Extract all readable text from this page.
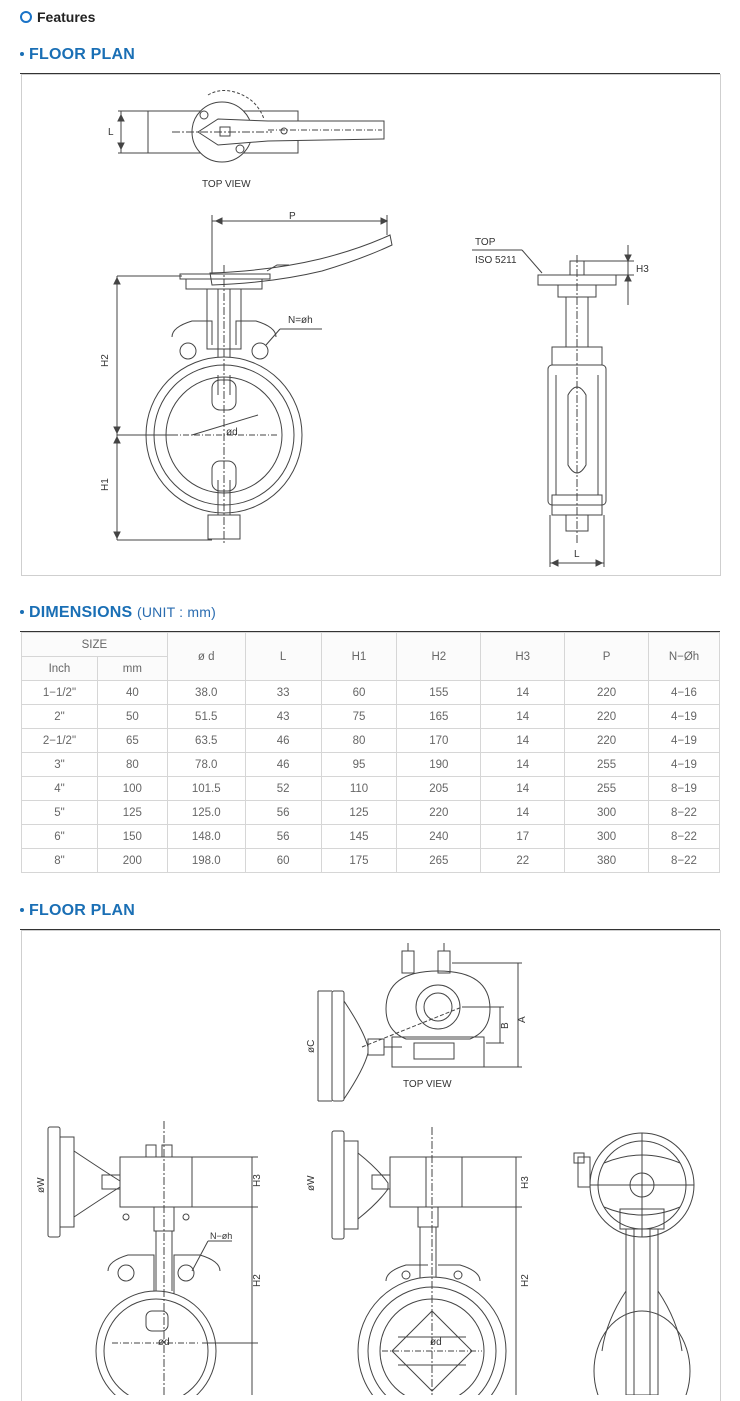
Features
FLOOR PLAN
TOP VIEW
L
P
H2
H1
N=øh
ød
TOP
ISO 5211
H3
L
DIMENSIONS (UNIT : mm)
SIZE		ø d	L	H1	H2	H3	P	N−Øh
Inch	mm							
1−1/2"	40	38.0	33	60	155	14	220	4−16
2"	50	51.5	43	75	165	14	220	4−19
2−1/2"	65	63.5	46	80	170	14	220	4−19
3"	80	78.0	46	95	190	14	255	4−19
4"	100	101.5	52	110	205	14	255	8−19
5"	125	125.0	56	125	220	14	300	8−22
6"	150	148.0	56	145	240	17	300	8−22
8"	200	198.0	60	175	265	22	380	8−22
FLOOR PLAN
A
B
øC
TOP VIEW
øW	H3
N−øh
ød
H2
øW	H3
ød
H2
